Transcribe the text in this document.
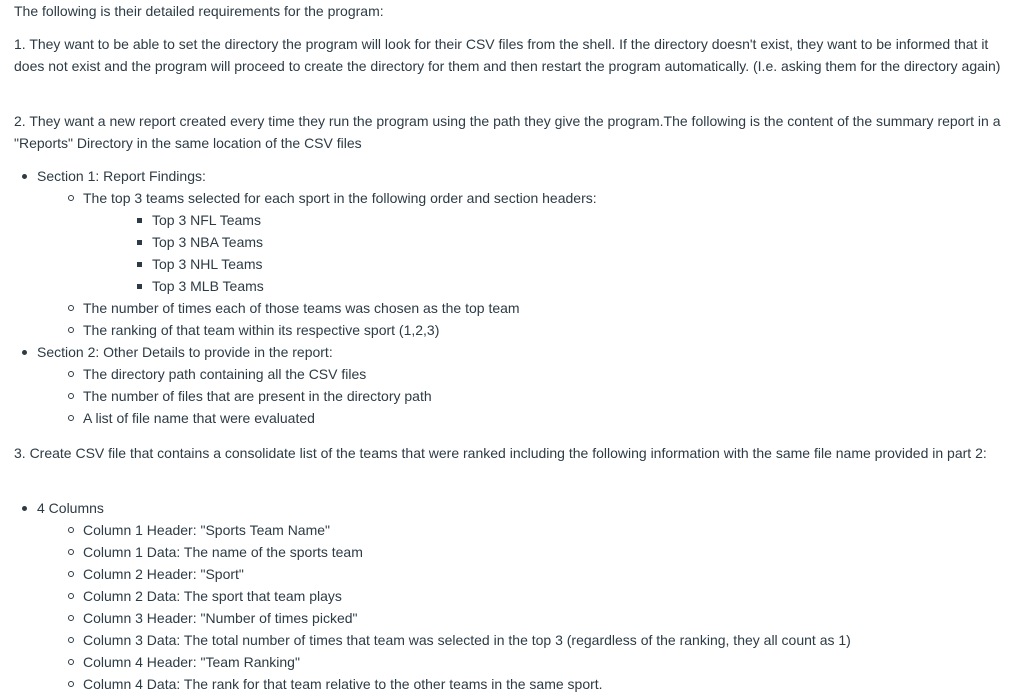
The following is their detailed requirements for the program:

1. They want to be able to set the directory the program will look for their CSV files from the shell. If the directory doesn't exist, they want to be informed that it does not exist and the program will proceed to create the directory for them and then restart the program automatically. (I.e. asking them for the directory again)

2. They want a new report created every time they run the program using the path they give the program.The following is the content of the summary report in a "Reports" Directory in the same location of the CSV files

Section 1: Report Findings:
The top 3 teams selected for each sport in the following order and section headers:
Top 3 NFL Teams
Top 3 NBA Teams
Top 3 NHL Teams
Top 3 MLB Teams
The number of times each of those teams was chosen as the top team
The ranking of that team within its respective sport (1,2,3)
Section 2: Other Details to provide in the report:
The directory path containing all the CSV files
The number of files that are present in the directory path
A list of file name that were evaluated

3. Create CSV file that contains a consolidate list of the teams that were ranked including the following information with the same file name provided in part 2:

4 Columns
Column 1 Header: "Sports Team Name"
Column 1 Data: The name of the sports team
Column 2 Header: "Sport"
Column 2 Data: The sport that team plays
Column 3 Header: "Number of times picked"
Column 3 Data: The total number of times that team was selected in the top 3 (regardless of the ranking, they all count as 1)
Column 4 Header: "Team Ranking"
Column 4 Data: The rank for that team relative to the other teams in the same sport.
